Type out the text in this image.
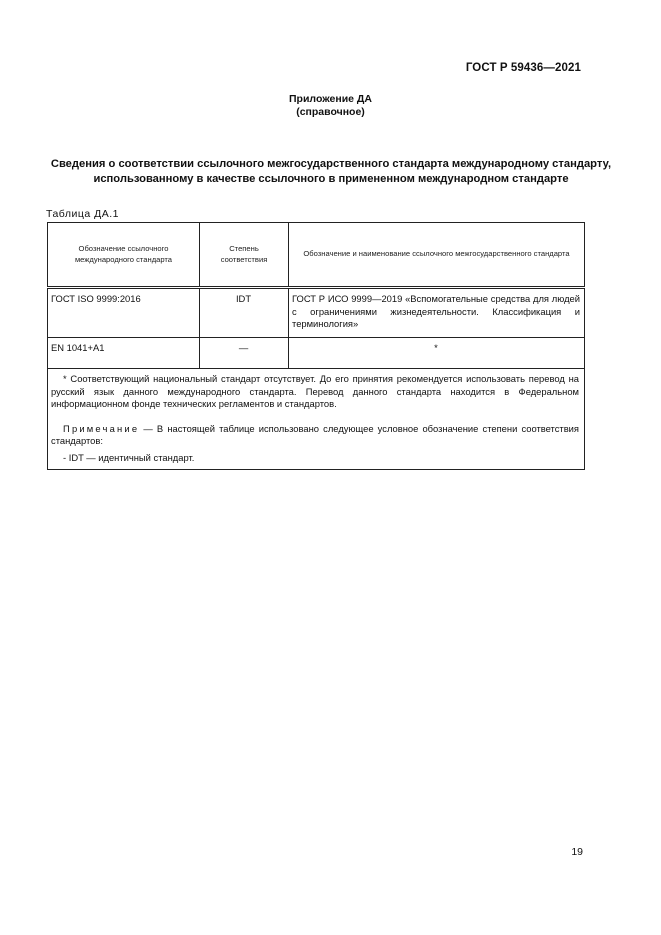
ГОСТ Р 59436—2021
Приложение ДА
(справочное)
Сведения о соответствии ссылочного межгосударственного стандарта международному стандарту, использованному в качестве ссылочного в примененном международном стандарте
Таблица ДА.1
Обозначение ссылочного международного стандарта	Степень соответствия	Обозначение и наименование ссылочного межгосударственного стандарта
ГОСТ ISO 9999:2016	IDT	ГОСТ Р ИСО 9999—2019 «Вспомогательные средства для людей с ограничениями жизнедеятельности. Классификация и терминология»
EN 1041+A1	—	*

* Соответствующий национальный стандарт отсутствует. До его принятия рекомендуется использовать перевод на русский язык данного международного стандарта. Перевод данного стандарта находится в Федеральном информационном фонде технических регламентов и стандартов.

Примечание — В настоящей таблице использовано следующее условное обозначение степени соответствия стандартов:

- IDT — идентичный стандарт.		

19
